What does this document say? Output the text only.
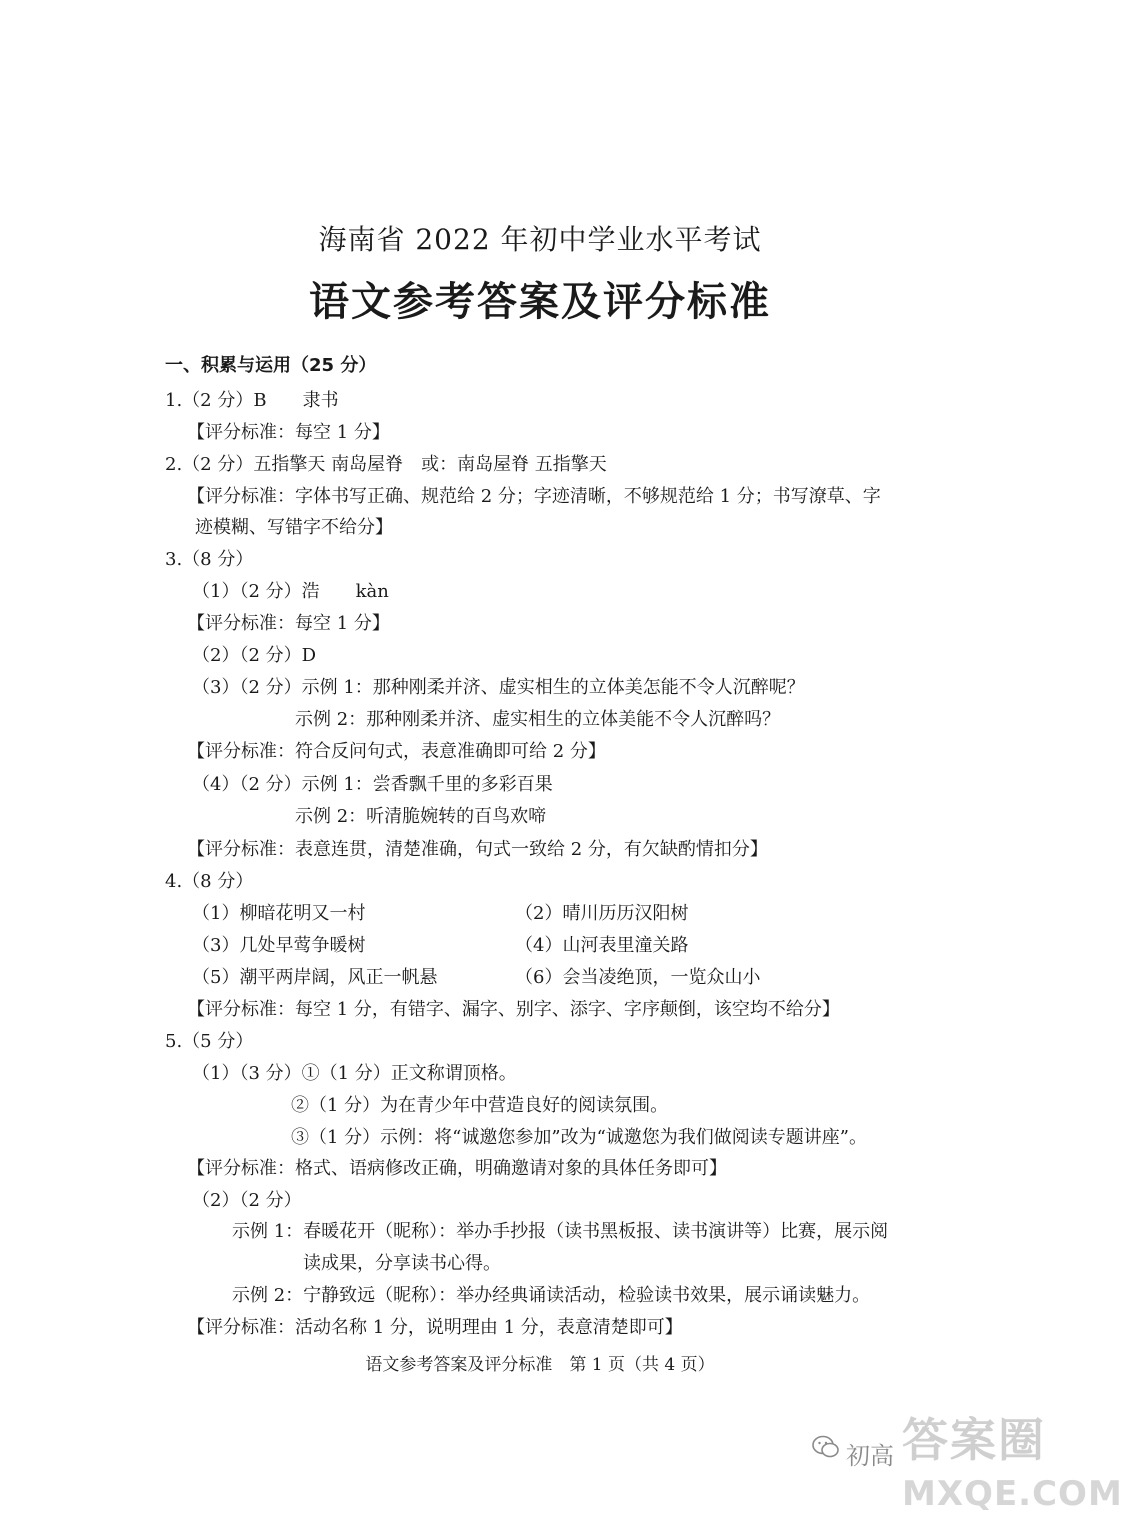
海南省 2022 年初中学业水平考试
语文参考答案及评分标准
一、积累与运用（25 分）
1.（2 分）B　　隶书
【评分标准：每空 1 分】
2.（2 分）五指擎天 南岛屋脊　或：南岛屋脊 五指擎天
【评分标准：字体书写正确、规范给 2 分；字迹清晰，不够规范给 1 分；书写潦草、字
迹模糊、写错字不给分】
3.（8 分）
（1）（2 分）浩　　kàn
【评分标准：每空 1 分】
（2）（2 分）D
（3）（2 分）示例 1：那种刚柔并济、虚实相生的立体美怎能不令人沉醉呢？
示例 2：那种刚柔并济、虚实相生的立体美能不令人沉醉吗？
【评分标准：符合反问句式，表意准确即可给 2 分】
（4）（2 分）示例 1：尝香飘千里的多彩百果
示例 2：听清脆婉转的百鸟欢啼
【评分标准：表意连贯，清楚准确，句式一致给 2 分，有欠缺酌情扣分】
4.（8 分）
（1）柳暗花明又一村	（2）晴川历历汉阳树
（3）几处早莺争暖树	（4）山河表里潼关路
（5）潮平两岸阔，风正一帆悬	（6）会当凌绝顶，一览众山小
【评分标准：每空 1 分，有错字、漏字、别字、添字、字序颠倒，该空均不给分】
5.（5 分）
（1）（3 分）①（1 分）正文称谓顶格。
②（1 分）为在青少年中营造良好的阅读氛围。
③（1 分）示例：将“诚邀您参加”改为“诚邀您为我们做阅读专题讲座”。
【评分标准：格式、语病修改正确，明确邀请对象的具体任务即可】
（2）（2 分）
示例 1：春暖花开（昵称）：举办手抄报（读书黑板报、读书演讲等）比赛，展示阅
读成果，分享读书心得。
示例 2：宁静致远（昵称）：举办经典诵读活动，检验读书效果，展示诵读魅力。
【评分标准：活动名称 1 分，说明理由 1 分，表意清楚即可】
语文参考答案及评分标准　第 1 页（共 4 页）
初高 答案圈
MXQE.COM
